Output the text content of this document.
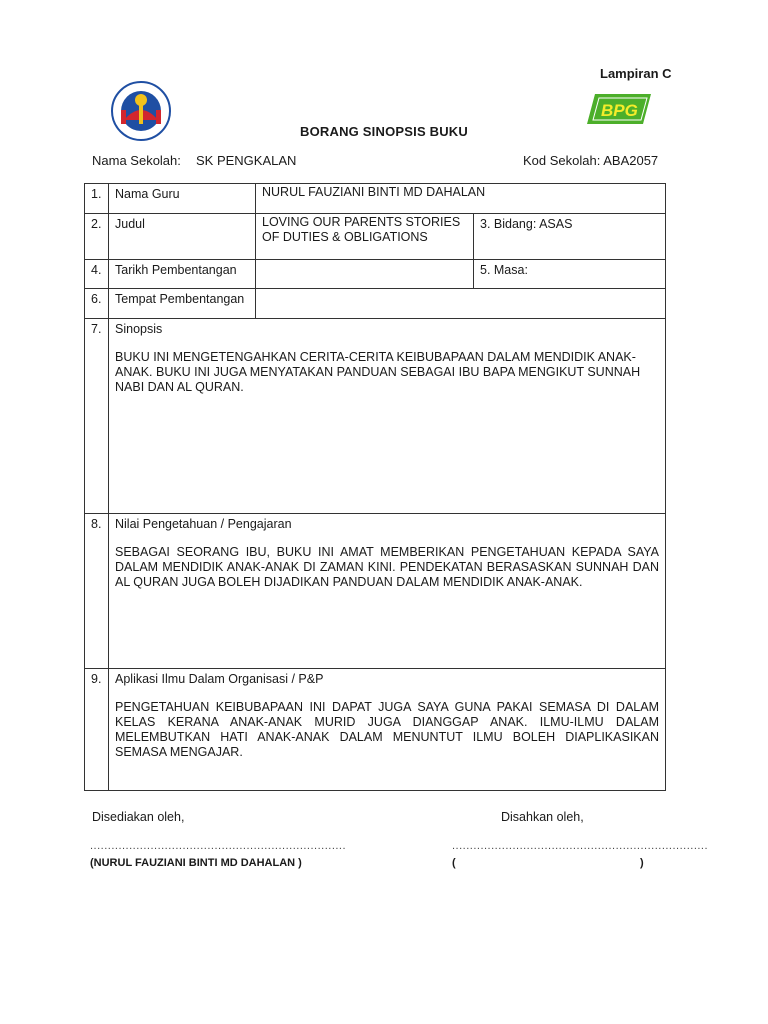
Lampiran C
BPG
BORANG SINOPSIS BUKU
Nama Sekolah: SK PENGKALAN	Kod Sekolah: ABA2057
1.	Nama Guru	NURUL FAUZIANI BINTI MD DAHALAN	
2.	Judul	LOVING OUR PARENTS STORIES OF DUTIES & OBLIGATIONS	3. Bidang: ASAS
4.	Tarikh Pembentangan		5. Masa:
6.	Tempat Pembentangan		
7.	Sinopsis
BUKU INI MENGETENGAHKAN CERITA-CERITA KEIBUBAPAAN DALAM MENDIDIK ANAK-ANAK. BUKU INI JUGA MENYATAKAN PANDUAN SEBAGAI IBU BAPA MENGIKUT SUNNAH NABI DAN AL QURAN.		

8.	Nilai Pengetahuan / Pengajaran
SEBAGAI SEORANG IBU, BUKU INI AMAT MEMBERIKAN PENGETAHUAN KEPADA SAYA DALAM MENDIDIK ANAK-ANAK DI ZAMAN KINI. PENDEKATAN BERASASKAN SUNNAH DAN AL QURAN JUGA BOLEH DIJADIKAN PANDUAN DALAM MENDIDIK ANAK-ANAK.		

9.	Aplikasi Ilmu Dalam Organisasi / P&P
PENGETAHUAN KEIBUBAPAAN INI DAPAT JUGA SAYA GUNA PAKAI SEMASA DI DALAM KELAS KERANA ANAK-ANAK MURID JUGA DIANGGAP ANAK. ILMU-ILMU DALAM MELEMBUTKAN HATI ANAK-ANAK DALAM MENUNTUT ILMU BOLEH DIAPLIKASIKAN SEMASA MENGAJAR.		
Disediakan oleh,	Disahkan oleh,
........................................................................	........................................................................
(NURUL FAUZIANI BINTI MD DAHALAN )	(	)
